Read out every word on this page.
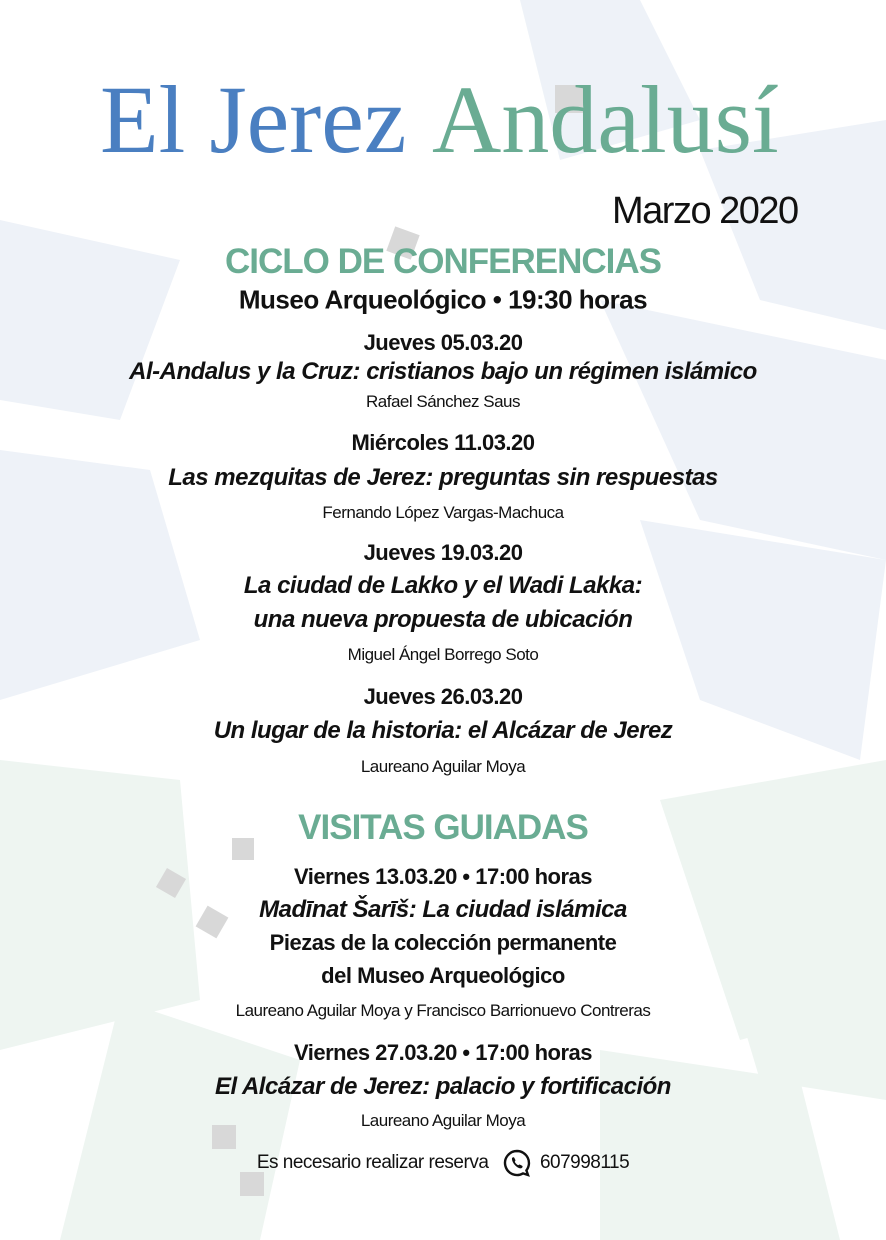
El Jerez Andalusí
Marzo 2020
CICLO DE CONFERENCIAS
Museo Arqueológico • 19:30 horas
Jueves 05.03.20
Al-Andalus y la Cruz: cristianos bajo un régimen islámico
Rafael Sánchez Saus
Miércoles 11.03.20
Las mezquitas de Jerez: preguntas sin respuestas
Fernando López Vargas-Machuca
Jueves 19.03.20
La ciudad de Lakko y el Wadi Lakka:
una nueva propuesta de ubicación
Miguel Ángel Borrego Soto
Jueves 26.03.20
Un lugar de la historia: el Alcázar de Jerez
Laureano Aguilar Moya
VISITAS GUIADAS
Viernes 13.03.20 • 17:00 horas
Madīnat Šarīš: La ciudad islámica
Piezas de la colección permanente
del Museo Arqueológico
Laureano Aguilar Moya y Francisco Barrionuevo Contreras
Viernes 27.03.20 • 17:00 horas
El Alcázar de Jerez: palacio y fortificación
Laureano Aguilar Moya
Es necesario realizar reserva	607998115
